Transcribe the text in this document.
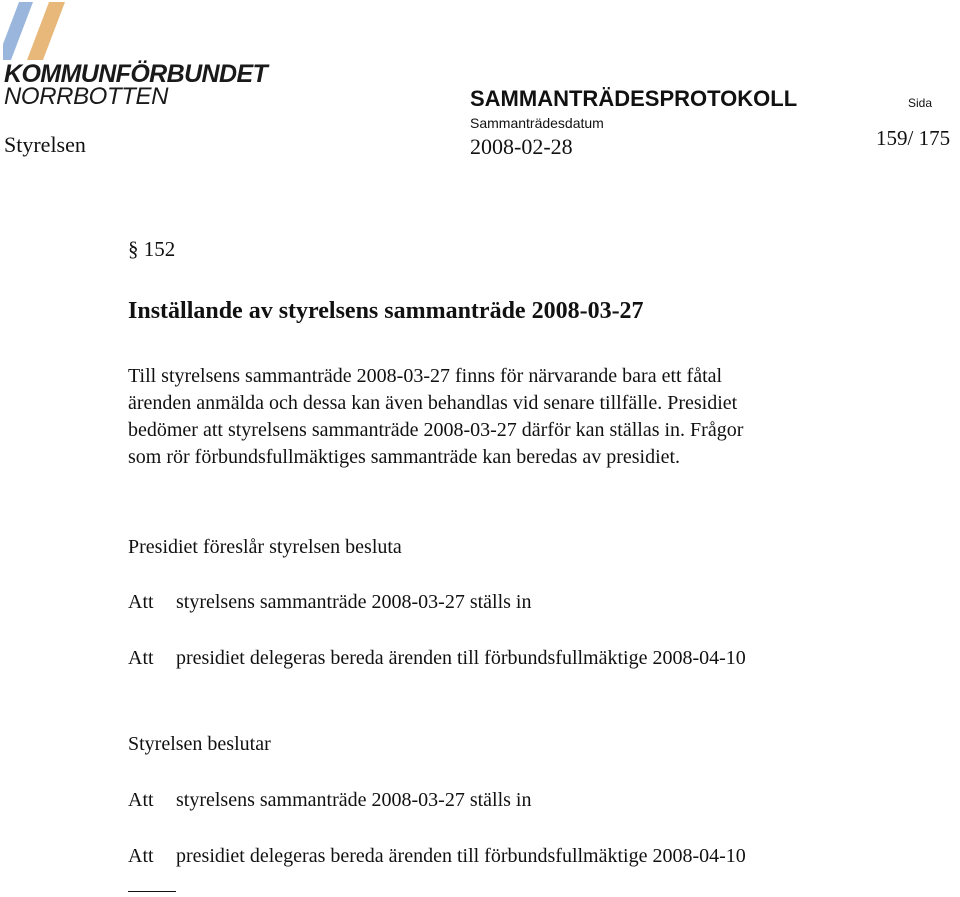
KOMMUNFÖRBUNDET
NORRBOTTEN
Styrelsen
SAMMANTRÄDESPROTOKOLL
Sammanträdesdatum
2008-02-28
Sida
159/ 175
§ 152
Inställande av styrelsens sammanträde 2008-03-27
Till styrelsens sammanträde 2008-03-27 finns för närvarande bara ett fåtal
ärenden anmälda och dessa kan även behandlas vid senare tillfälle. Presidiet
bedömer att styrelsens sammanträde 2008-03-27 därför kan ställas in. Frågor
som rör förbundsfullmäktiges sammanträde kan beredas av presidiet.
Presidiet föreslår styrelsen besluta
Att styrelsens sammanträde 2008-03-27 ställs in
Att presidiet delegeras bereda ärenden till förbundsfullmäktige 2008-04-10
Styrelsen beslutar
Att styrelsens sammanträde 2008-03-27 ställs in
Att presidiet delegeras bereda ärenden till förbundsfullmäktige 2008-04-10
